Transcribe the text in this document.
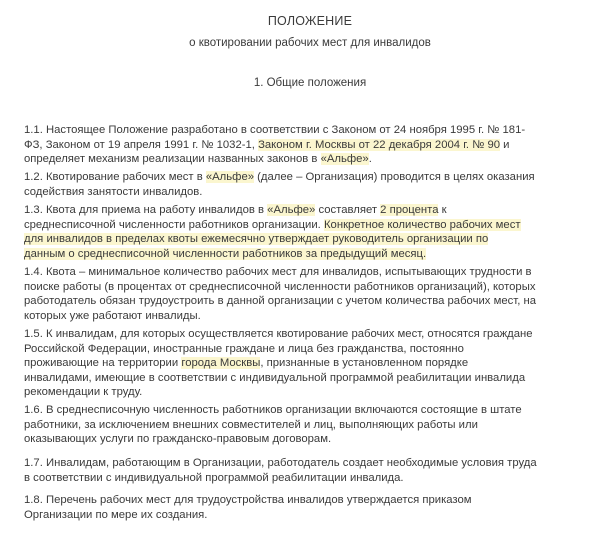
ПОЛОЖЕНИЕ
о квотировании рабочих мест для инвалидов
1. Общие положения

1.1. Настоящее Положение разработано в соответствии с Законом от 24 ноября 1995 г. № 181-
ФЗ, Законом от 19 апреля 1991 г. № 1032-1, Законом г. Москвы от 22 декабря 2004 г. № 90 и
определяет механизм реализации названных законов в «Альфе».

1.2. Квотирование рабочих мест в «Альфе» (далее – Организация) проводится в целях оказания
содействия занятости инвалидов.

1.3. Квота для приема на работу инвалидов в «Альфе» составляет 2 процента к
среднесписочной численности работников организации. Конкретное количество рабочих мест
для инвалидов в пределах квоты ежемесячно утверждает руководитель организации по
данным о среднесписочной численности работников за предыдущий месяц.

1.4. Квота – минимальное количество рабочих мест для инвалидов, испытывающих трудности в
поиске работы (в процентах от среднесписочной численности работников организаций), которых
работодатель обязан трудоустроить в данной организации с учетом количества рабочих мест, на
которых уже работают инвалиды.

1.5. К инвалидам, для которых осуществляется квотирование рабочих мест, относятся граждане
Российской Федерации, иностранные граждане и лица без гражданства, постоянно
проживающие на территории города Москвы, признанные в установленном порядке
инвалидами, имеющие в соответствии с индивидуальной программой реабилитации инвалида
рекомендации к труду.

1.6. В среднесписочную численность работников организации включаются состоящие в штате
работники, за исключением внешних совместителей и лиц, выполняющих работы или
оказывающих услуги по гражданско-правовым договорам.

1.7. Инвалидам, работающим в Организации, работодатель создает необходимые условия труда
в соответствии с индивидуальной программой реабилитации инвалида.

1.8. Перечень рабочих мест для трудоустройства инвалидов утверждается приказом
Организации по мере их создания.
